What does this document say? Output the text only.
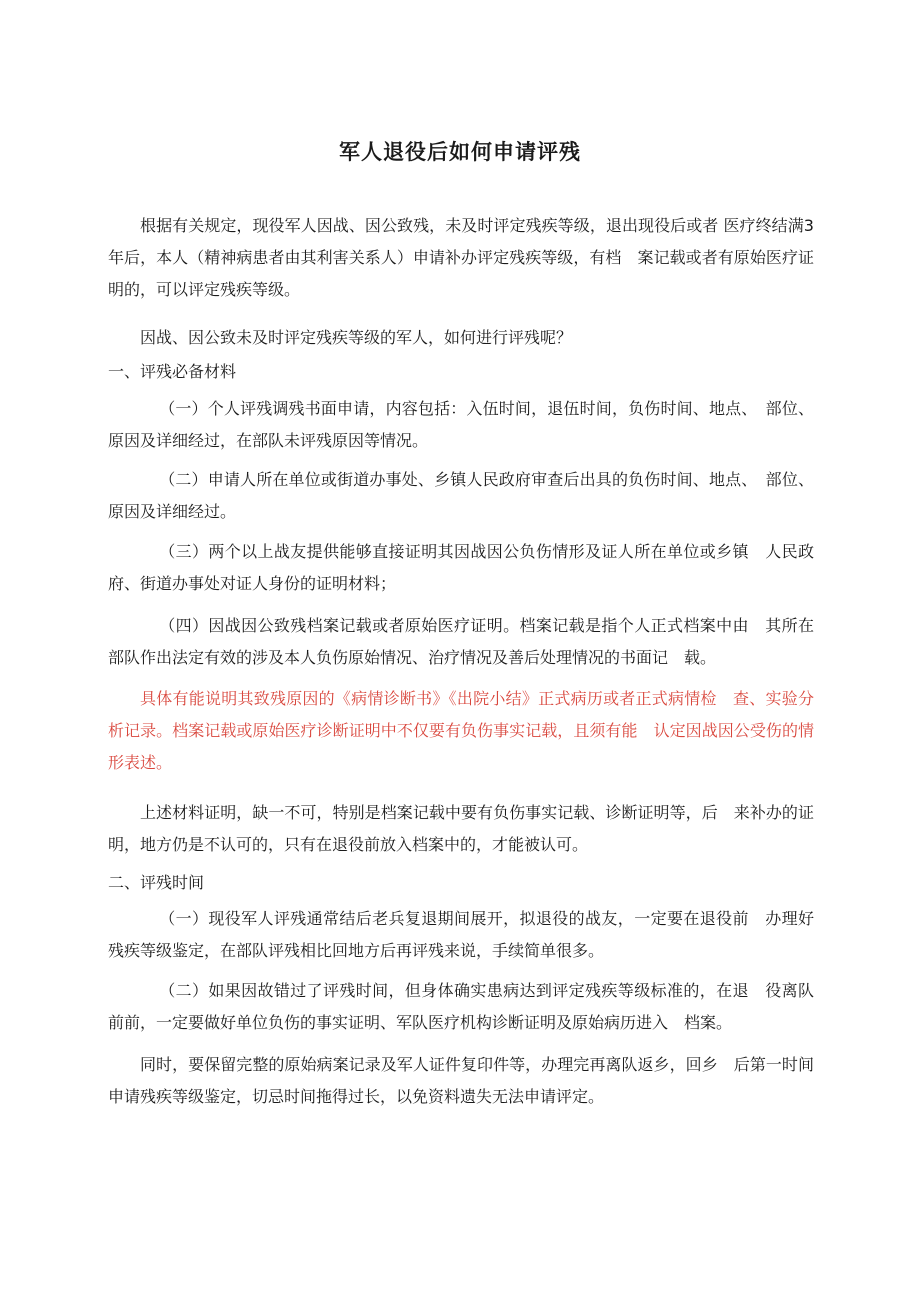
军人退役后如何申请评残
根据有关规定，现役军人因战、因公致残，未及时评定残疾等级，退出现役后或者 医疗终结满3年后，本人（精神病患者由其利害关系人）申请补办评定残疾等级，有档　案记载或者有原始医疗证明的，可以评定残疾等级。
因战、因公致未及时评定残疾等级的军人，如何进行评残呢？
一、评残必备材料
（一）个人评残调残书面申请，内容包括：入伍时间，退伍时间，负伤时间、地点、　部位、原因及详细经过，在部队未评残原因等情况。
（二）申请人所在单位或街道办事处、乡镇人民政府审查后出具的负伤时间、地点、　部位、原因及详细经过。
（三）两个以上战友提供能够直接证明其因战因公负伤情形及证人所在单位或乡镇　人民政府、街道办事处对证人身份的证明材料；
（四）因战因公致残档案记载或者原始医疗证明。档案记载是指个人正式档案中由　其所在部队作出法定有效的涉及本人负伤原始情况、治疗情况及善后处理情况的书面记　载。
具体有能说明其致残原因的《病情诊断书》《出院小结》正式病历或者正式病情检　查、实验分析记录。档案记载或原始医疗诊断证明中不仅要有负伤事实记载，且须有能　认定因战因公受伤的情形表述。
上述材料证明，缺一不可，特别是档案记载中要有负伤事实记载、诊断证明等，后　来补办的证明，地方仍是不认可的，只有在退役前放入档案中的，才能被认可。
二、评残时间
（一）现役军人评残通常结后老兵复退期间展开，拟退役的战友，一定要在退役前　办理好残疾等级鉴定，在部队评残相比回地方后再评残来说，手续简单很多。
（二）如果因故错过了评残时间，但身体确实患病达到评定残疾等级标准的，在退　役离队前前，一定要做好单位负伤的事实证明、军队医疗机构诊断证明及原始病历进入　档案。
同时，要保留完整的原始病案记录及军人证件复印件等，办理完再离队返乡，回乡　后第一时间申请残疾等级鉴定，切忌时间拖得过长，以免资料遗失无法申请评定。
